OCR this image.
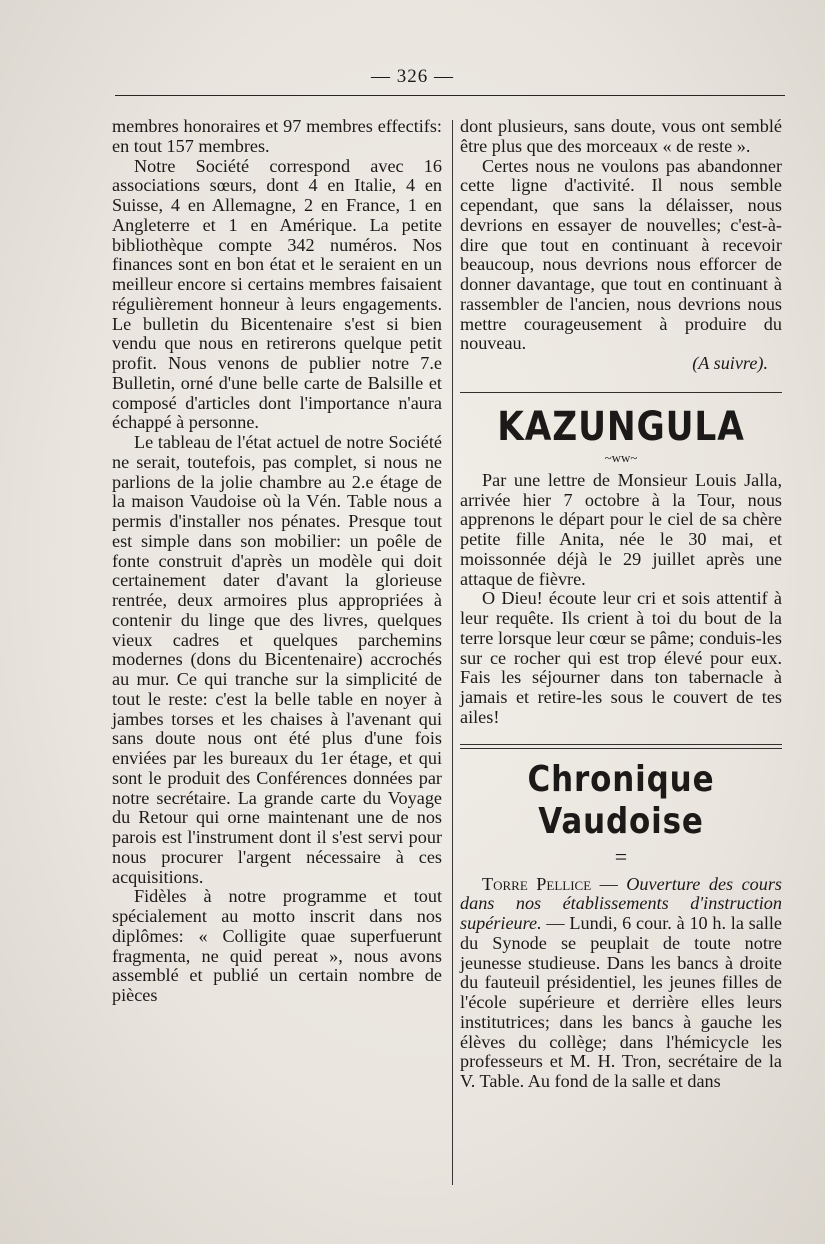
— 326 —

membres honoraires et 97 membres effectifs: en tout 157 membres.

Notre Société correspond avec 16 associations sœurs, dont 4 en Italie, 4 en Suisse, 4 en Allemagne, 2 en France, 1 en Angleterre et 1 en Amérique. La petite bibliothèque compte 342 numéros. Nos finances sont en bon état et le seraient en un meilleur encore si certains membres faisaient régulièrement honneur à leurs engagements. Le bulletin du Bicentenaire s'est si bien vendu que nous en retirerons quelque petit profit. Nous venons de publier notre 7.e Bulletin, orné d'une belle carte de Balsille et composé d'articles dont l'importance n'aura échappé à personne.

Le tableau de l'état actuel de notre Société ne serait, toutefois, pas complet, si nous ne parlions de la jolie chambre au 2.e étage de la maison Vaudoise où la Vén. Table nous a permis d'installer nos pénates. Presque tout est simple dans son mobilier: un poêle de fonte construit d'après un modèle qui doit certainement dater d'avant la glorieuse rentrée, deux armoires plus appropriées à contenir du linge que des livres, quelques vieux cadres et quelques parchemins modernes (dons du Bicentenaire) accrochés au mur. Ce qui tranche sur la simplicité de tout le reste: c'est la belle table en noyer à jambes torses et les chaises à l'avenant qui sans doute nous ont été plus d'une fois enviées par les bureaux du 1er étage, et qui sont le produit des Conférences données par notre secrétaire. La grande carte du Voyage du Retour qui orne maintenant une de nos parois est l'instrument dont il s'est servi pour nous procurer l'argent nécessaire à ces acquisitions.

Fidèles à notre programme et tout spécialement au motto inscrit dans nos diplômes: « Colligite quae superfuerunt fragmenta, ne quid pereat », nous avons assemblé et publié un certain nombre de pièces

dont plusieurs, sans doute, vous ont semblé être plus que des morceaux « de reste ».

Certes nous ne voulons pas abandonner cette ligne d'activité. Il nous semble cependant, que sans la délaisser, nous devrions en essayer de nouvelles; c'est-à-dire que tout en continuant à recevoir beaucoup, nous devrions nous efforcer de donner davantage, que tout en continuant à rassembler de l'ancien, nous devrions nous mettre courageusement à produire du nouveau.

(A suivre).

KAZUNGULA
~ww~

Par une lettre de Monsieur Louis Jalla, arrivée hier 7 octobre à la Tour, nous apprenons le départ pour le ciel de sa chère petite fille Anita, née le 30 mai, et moissonnée déjà le 29 juillet après une attaque de fièvre.

O Dieu! écoute leur cri et sois attentif à leur requête. Ils crient à toi du bout de la terre lorsque leur cœur se pâme; conduis-les sur ce rocher qui est trop élevé pour eux. Fais les séjourner dans ton tabernacle à jamais et retire-les sous le couvert de tes ailes!

Chronique Vaudoise
=

Torre Pellice — Ouverture des cours dans nos établissements d'instruction supérieure. — Lundi, 6 cour. à 10 h. la salle du Synode se peuplait de toute notre jeunesse studieuse. Dans les bancs à droite du fauteuil présidentiel, les jeunes filles de l'école supérieure et derrière elles leurs institutrices; dans les bancs à gauche les élèves du collège; dans l'hémicycle les professeurs et M. H. Tron, secrétaire de la V. Table. Au fond de la salle et dans
